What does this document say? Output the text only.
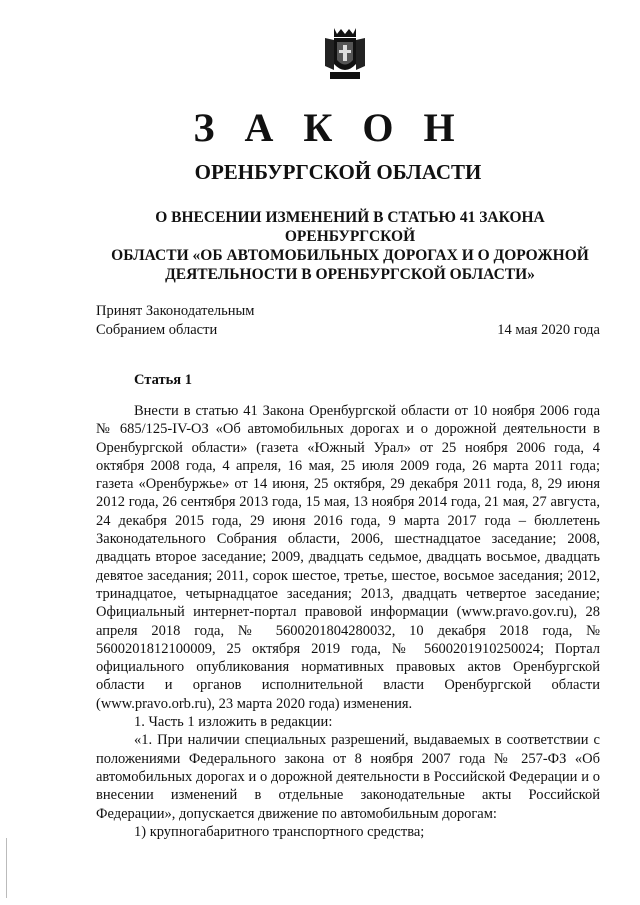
З А К О Н
ОРЕНБУРГСКОЙ ОБЛАСТИ
О ВНЕСЕНИИ ИЗМЕНЕНИЙ В СТАТЬЮ 41 ЗАКОНА ОРЕНБУРГСКОЙ
ОБЛАСТИ «ОБ АВТОМОБИЛЬНЫХ ДОРОГАХ И О ДОРОЖНОЙ
ДЕЯТЕЛЬНОСТИ В ОРЕНБУРГСКОЙ ОБЛАСТИ»
Принят Законодательным
Собранием области	14 мая 2020 года
Статья 1

Внести в статью 41 Закона Оренбургской области от 10 ноября 2006 года № 685/125-IV-ОЗ «Об автомобильных дорогах и о дорожной деятельности в Оренбургской области» (газета «Южный Урал» от 25 ноября 2006 года, 4 октября 2008 года, 4 апреля, 16 мая, 25 июля 2009 года, 26 марта 2011 года; газета «Оренбуржье» от 14 июня, 25 октября, 29 декабря 2011 года, 8, 29 июня 2012 года, 26 сентября 2013 года, 15 мая, 13 ноября 2014 года, 21 мая, 27 августа, 24 декабря 2015 года, 29 июня 2016 года, 9 марта 2017 года – бюллетень Законодательного Собрания области, 2006, шестнадцатое заседание; 2008, двадцать второе заседание; 2009, двадцать седьмое, двадцать восьмое, двадцать девятое заседания; 2011, сорок шестое, третье, шестое, восьмое заседания; 2012, тринадцатое, четырнадцатое заседания; 2013, двадцать четвертое заседание; Официальный интернет-портал правовой информации (www.pravo.gov.ru), 28 апреля 2018 года, № 5600201804280032, 10 декабря 2018 года, № 5600201812100009, 25 октября 2019 года, № 5600201910250024; Портал официального опубликования нормативных правовых актов Оренбургской области и органов исполнительной власти Оренбургской области (www.pravo.orb.ru), 23 марта 2020 года) изменения.

1. Часть 1 изложить в редакции:

«1. При наличии специальных разрешений, выдаваемых в соответствии с положениями Федерального закона от 8 ноября 2007 года № 257-ФЗ «Об автомобильных дорогах и о дорожной деятельности в Российской Федерации и о внесении изменений в отдельные законодательные акты Российской Федерации», допускается движение по автомобильным дорогам:

1) крупногабаритного транспортного средства;
